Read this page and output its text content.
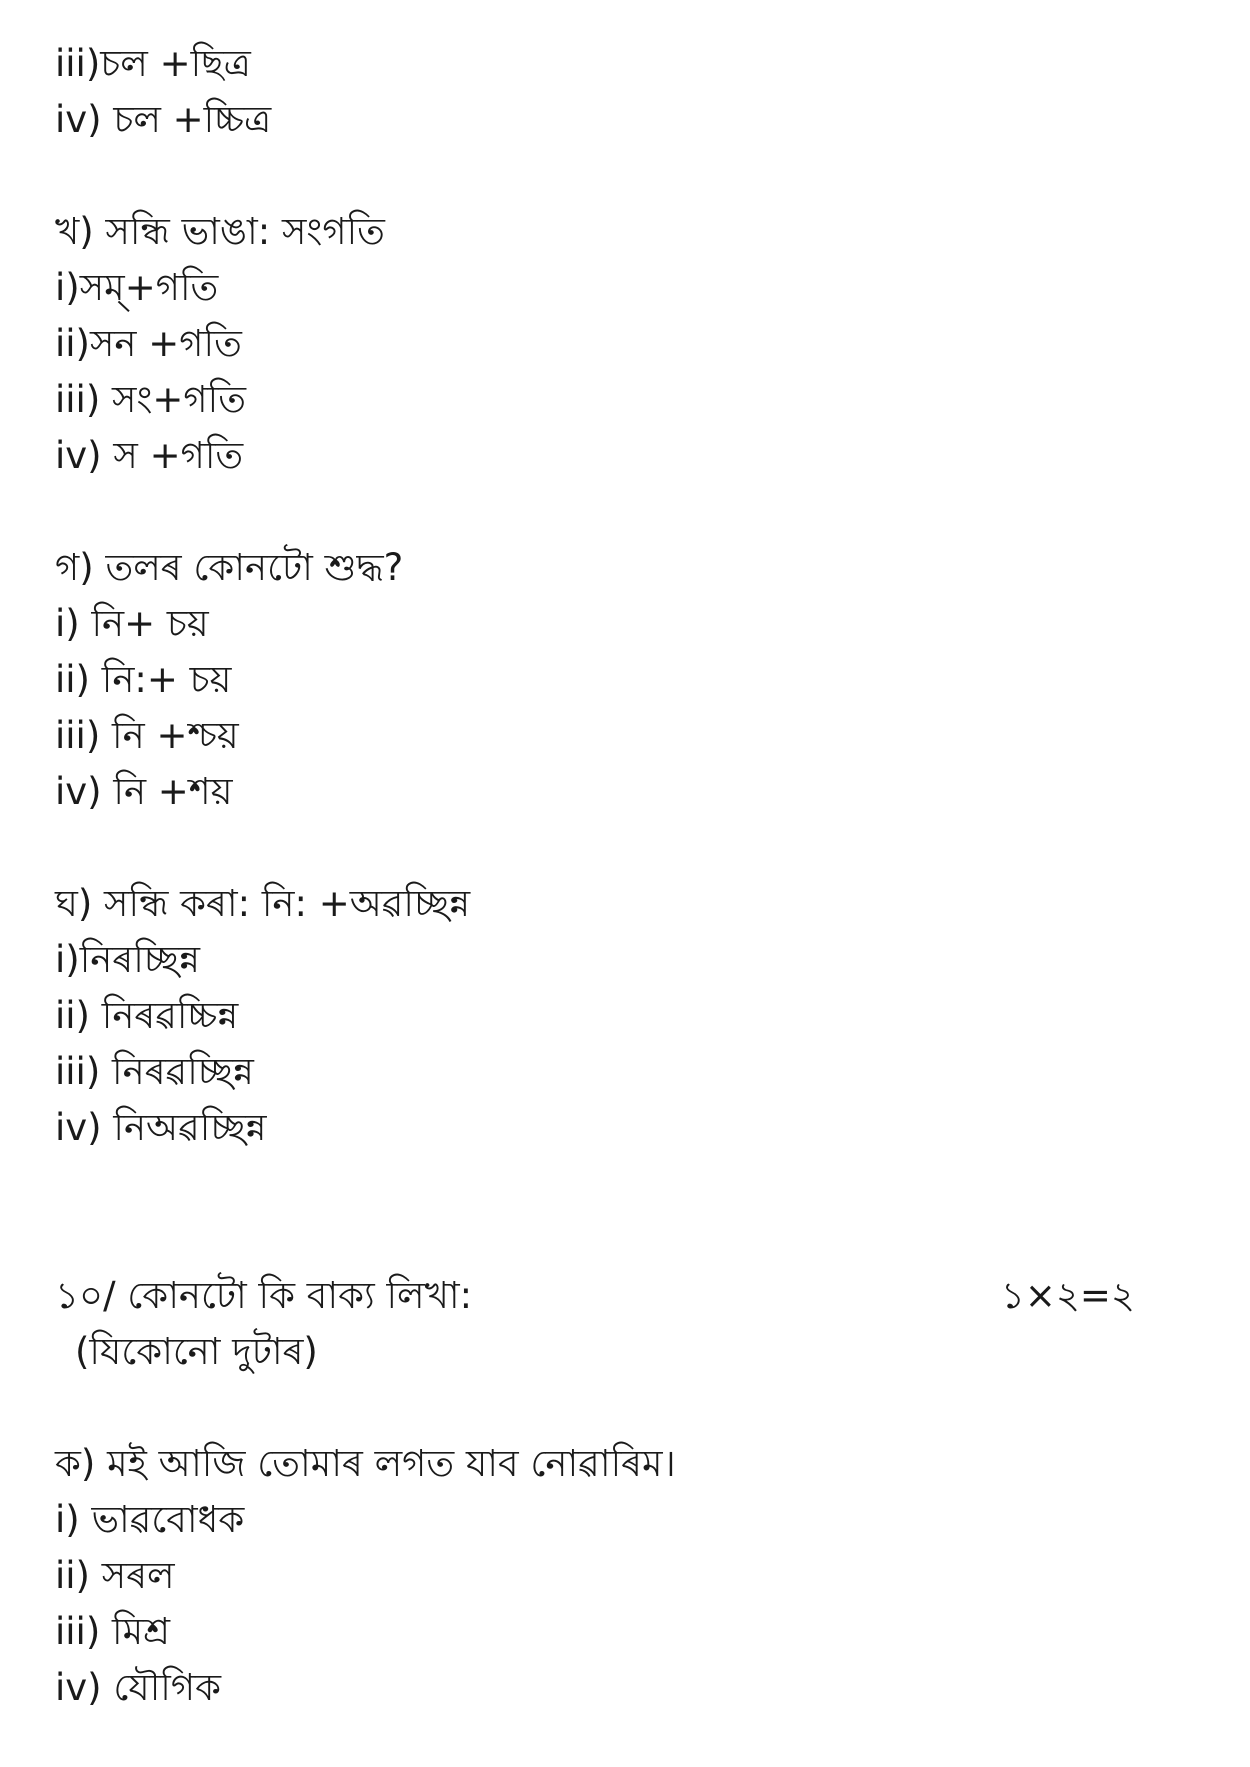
iii)চল +ছিত্র
iv) চল +চ্চিত্র
খ) সন্ধি ভাঙা: সংগতি
i)সম্+গতি
ii)সন +গতি
iii) সং+গতি
iv) স +গতি
গ) তলৰ কোনটো শুদ্ধ?
i) নি+ চয়
ii) নি:+ চয়
iii) নি +শ্চয়
iv) নি +শয়
ঘ) সন্ধি কৰা: নি: +অৱচ্ছিন্ন
i)নিৰচ্ছিন্ন
ii) নিৰৱচ্চিন্ন
iii) নিৰৱচ্ছিন্ন
iv) নিঅৱচ্ছিন্ন
১০/ কোনটো কি বাক্য লিখা:	১×২=২
(যিকোনো দুটাৰ)
ক) মই আজি তোমাৰ লগত যাব নোৱাৰিম।
i) ভাৱবোধক
ii) সৰল
iii) মিশ্ৰ
iv) যৌগিক
